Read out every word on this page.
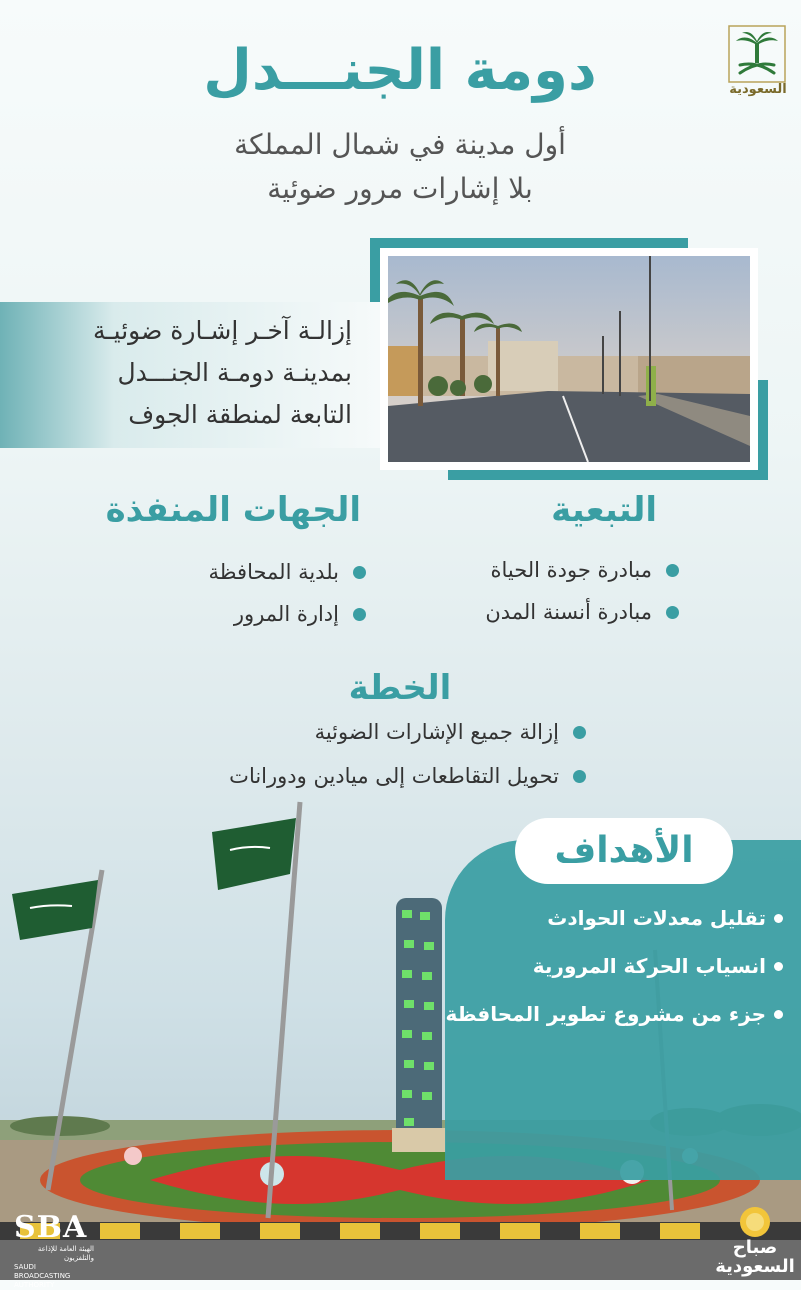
دومة الجنـــدل
أول مدينة في شمال المملكة
بلا إشارات مرور ضوئية
السعودية
إزالـة آخـر إشـارة ضوئيـة
بمدينـة دومـة الجنـــدل
التابعة لمنطقة الجوف
التبعية
مبادرة جودة الحياة
مبادرة أنسنة المدن
الجهات المنفذة
بلدية المحافظة
إدارة المرور
الخطة
إزالة جميع الإشارات الضوئية
تحويل التقاطعات إلى ميادين ودورانات
الأهداف
تقليل معدلات الحوادث
انسياب الحركة المرورية
جزء من مشروع تطوير المحافظة
SBA
الهيئة العامة للإذاعة والتلفزيون
SAUDI BROADCASTING AUTHORITY
صباح
السعودية
